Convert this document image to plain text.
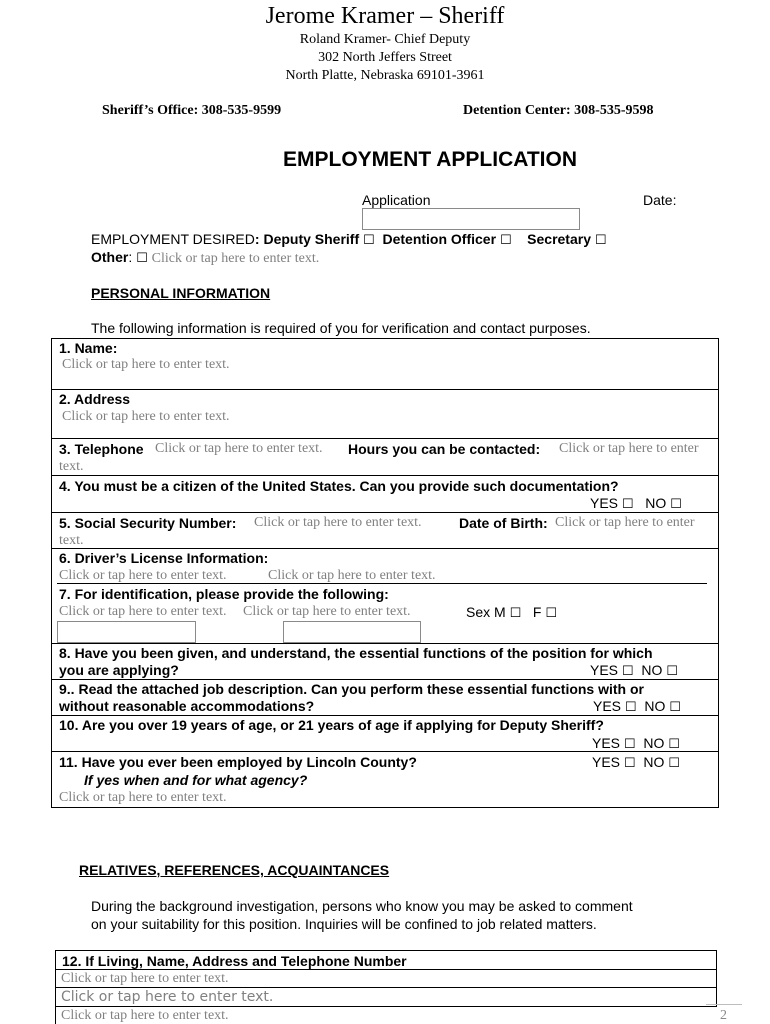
Jerome Kramer – Sheriff
Roland Kramer- Chief Deputy
302 North Jeffers Street
North Platte, Nebraska 69101-3961
Sheriff’s Office: 308-535-9599	Detention Center: 308-535-9598
EMPLOYMENT APPLICATION
Application	Date:
EMPLOYMENT DESIRED: Deputy Sheriff ☐ Detention Officer ☐ Secretary ☐
Other: ☐ Click or tap here to enter text.
PERSONAL INFORMATION
The following information is required of you for verification and contact purposes.
1. Name:
Click or tap here to enter text.
2. Address
Click or tap here to enter text.
3. Telephone Click or tap here to enter text. Hours you can be contacted: Click or tap here to enter
text.
4. You must be a citizen of the United States. Can you provide such documentation?
YES ☐ NO ☐
5. Social Security Number: Click or tap here to enter text.	Date of Birth: Click or tap here to enter
text.
6. Driver’s License Information:
Click or tap here to enter text.	Click or tap here to enter text.
7. For identification, please provide the following:
Click or tap here to enter text. Click or tap here to enter text.	Sex M ☐ F ☐
8. Have you been given, and understand, the essential functions of the position for which
you are applying?	YES ☐ NO ☐
9.. Read the attached job description. Can you perform these essential functions with or
without reasonable accommodations?	YES ☐ NO ☐
10. Are you over 19 years of age, or 21 years of age if applying for Deputy Sheriff?
YES ☐ NO ☐
11. Have you ever been employed by Lincoln County?	YES ☐ NO ☐
If yes when and for what agency?
Click or tap here to enter text.
RELATIVES, REFERENCES, ACQUAINTANCES
During the background investigation, persons who know you may be asked to comment
on your suitability for this position. Inquiries will be confined to job related matters.
12. If Living, Name, Address and Telephone Number
Click or tap here to enter text.
Click or tap here to enter text.
Click or tap here to enter text.	2
